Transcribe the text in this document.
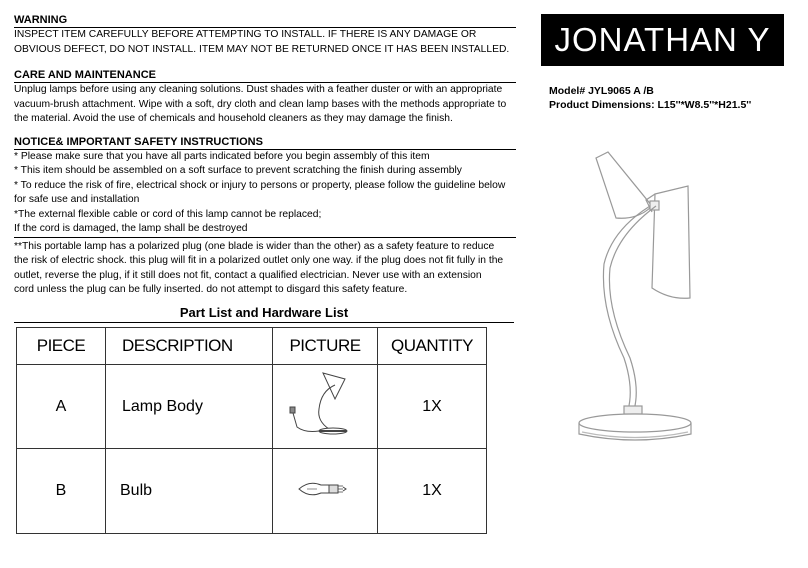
WARNING

INSPECT ITEM CAREFULLY BEFORE ATTEMPTING TO INSTALL. IF THERE IS ANY DAMAGE OR

OBVIOUS DEFECT, DO NOT INSTALL. ITEM MAY NOT BE RETURNED ONCE IT HAS BEEN INSTALLED.

CARE AND MAINTENANCE

Unplug lamps before using any cleaning solutions. Dust shades with a feather duster or with an appropriate

vacuum-brush attachment. Wipe with a soft, dry cloth and clean lamp bases with the methods appropriate to

the material. Avoid the use of chemicals and household cleaners as they may damage the finish.

NOTICE& IMPORTANT SAFETY INSTRUCTIONS

* Please make sure that you have all parts indicated before you begin assembly of this item

* This item should be assembled on a soft surface to prevent scratching the finish during assembly

* To reduce the risk of fire, electrical shock or injury to persons or property, please follow the guideline below

for safe use and installation

*The external flexible cable or cord of this lamp cannot be replaced;

If the cord is damaged, the lamp shall be destroyed

**This portable lamp has a polarized plug (one blade is wider than the other) as a safety feature to reduce

the risk of electric shock. this plug will fit in a polarized outlet only one way. if the plug does not fit fully in the

outlet, reverse the plug, if it still does not fit, contact a qualified electrician. Never use with an extension

cord unless the plug can be fully inserted. do not attempt to disgard this safety feature.

Part List and Hardware List
PIECE	DESCRIPTION	PICTURE	QUANTITY
A	Lamp Body		1X
B	Bulb		1X
JONATHAN Y
Model# JYL9065 A /B
Product Dimensions: L15''*W8.5''*H21.5''
